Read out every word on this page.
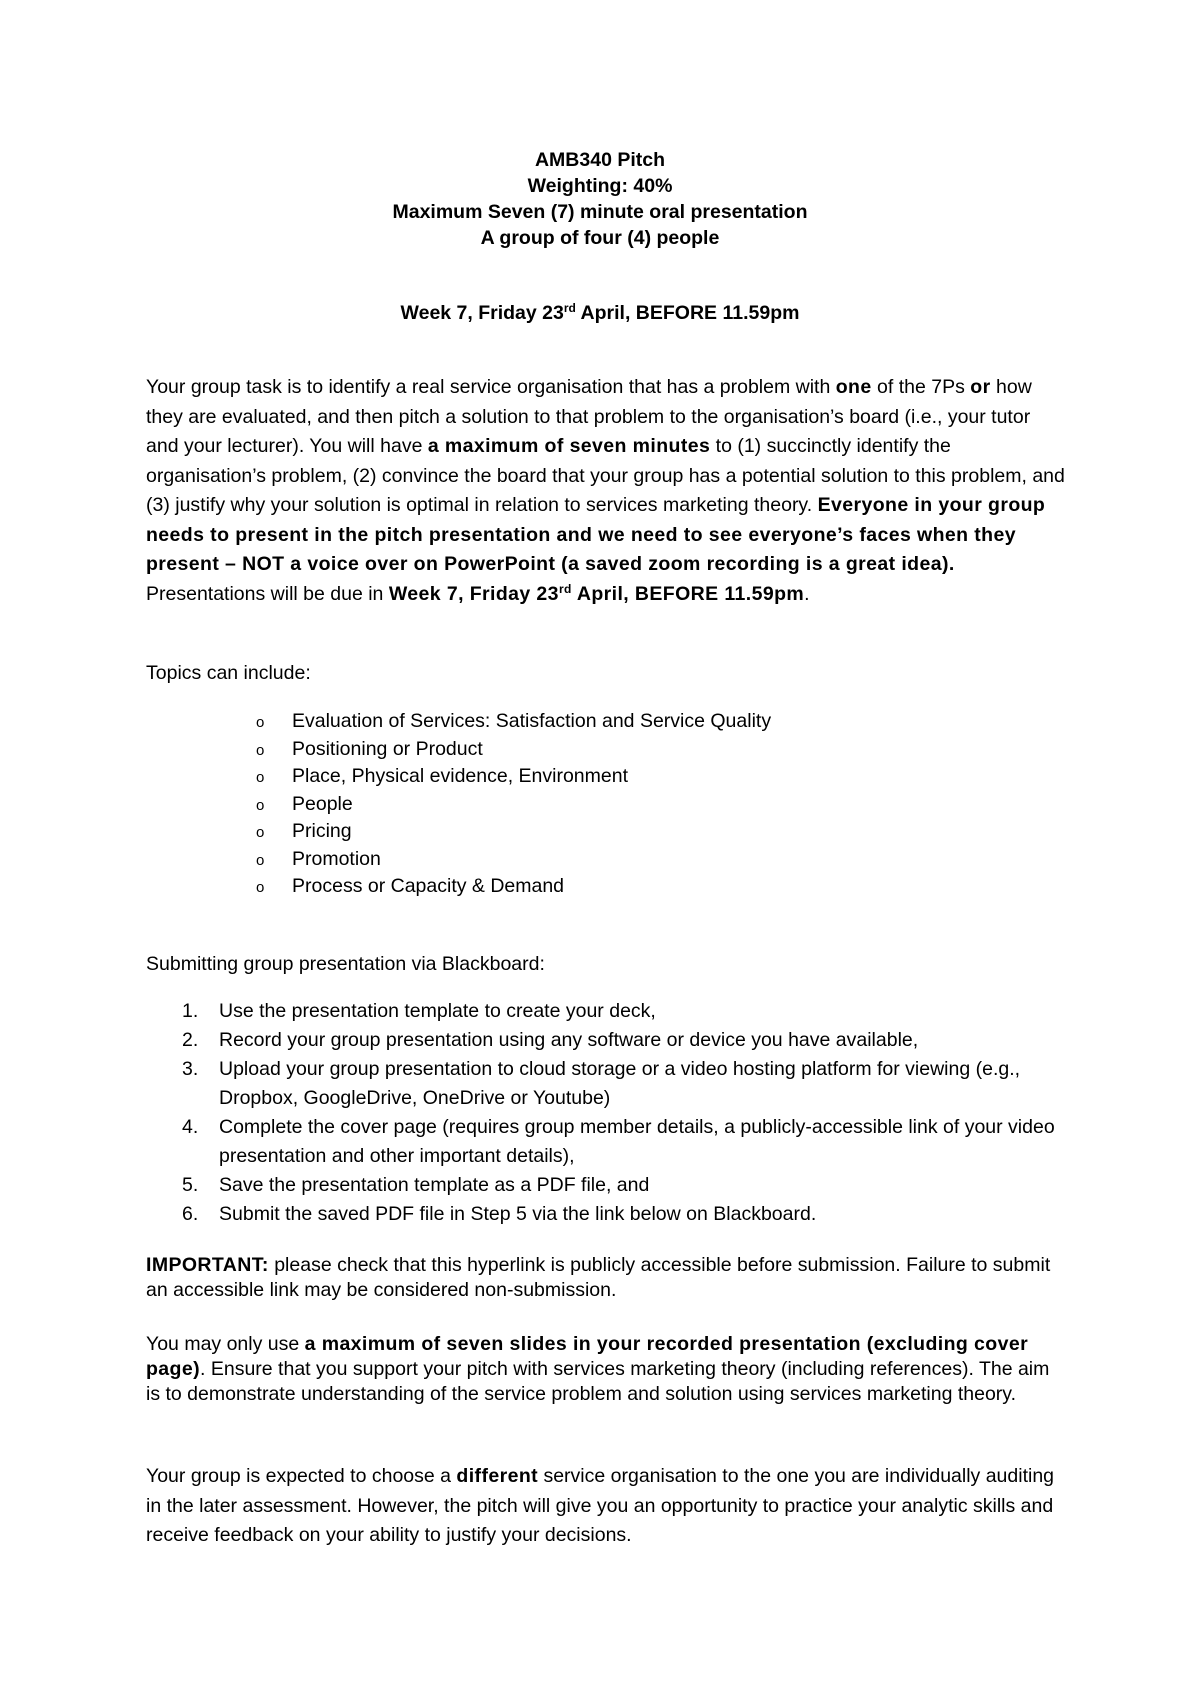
AMB340 Pitch
Weighting: 40%
Maximum Seven (7) minute oral presentation
A group of four (4) people
Week 7, Friday 23rd April, BEFORE 11.59pm
Your group task is to identify a real service organisation that has a problem with one of the 7Ps or how they are evaluated, and then pitch a solution to that problem to the organisation’s board (i.e., your tutor and your lecturer). You will have a maximum of seven minutes to (1) succinctly identify the organisation’s problem, (2) convince the board that your group has a potential solution to this problem, and (3) justify why your solution is optimal in relation to services marketing theory. Everyone in your group needs to present in the pitch presentation and we need to see everyone’s faces when they present – NOT a voice over on PowerPoint (a saved zoom recording is a great idea). Presentations will be due in Week 7, Friday 23rd April, BEFORE 11.59pm.
Topics can include:
o Evaluation of Services: Satisfaction and Service Quality
o Positioning or Product
o Place, Physical evidence, Environment
o People
o Pricing
o Promotion
o Process or Capacity & Demand
Submitting group presentation via Blackboard:
1.	Use the presentation template to create your deck,
2.	Record your group presentation using any software or device you have available,
3.	Upload your group presentation to cloud storage or a video hosting platform for viewing (e.g., Dropbox, GoogleDrive, OneDrive or Youtube)
4.	Complete the cover page (requires group member details, a publicly-accessible link of your video presentation and other important details),
5.	Save the presentation template as a PDF file, and
6.	Submit the saved PDF file in Step 5 via the link below on Blackboard.
IMPORTANT: please check that this hyperlink is publicly accessible before submission. Failure to submit an accessible link may be considered non-submission.
You may only use a maximum of seven slides in your recorded presentation (excluding cover page). Ensure that you support your pitch with services marketing theory (including references). The aim is to demonstrate understanding of the service problem and solution using services marketing theory.
Your group is expected to choose a different service organisation to the one you are individually auditing in the later assessment. However, the pitch will give you an opportunity to practice your analytic skills and receive feedback on your ability to justify your decisions.
